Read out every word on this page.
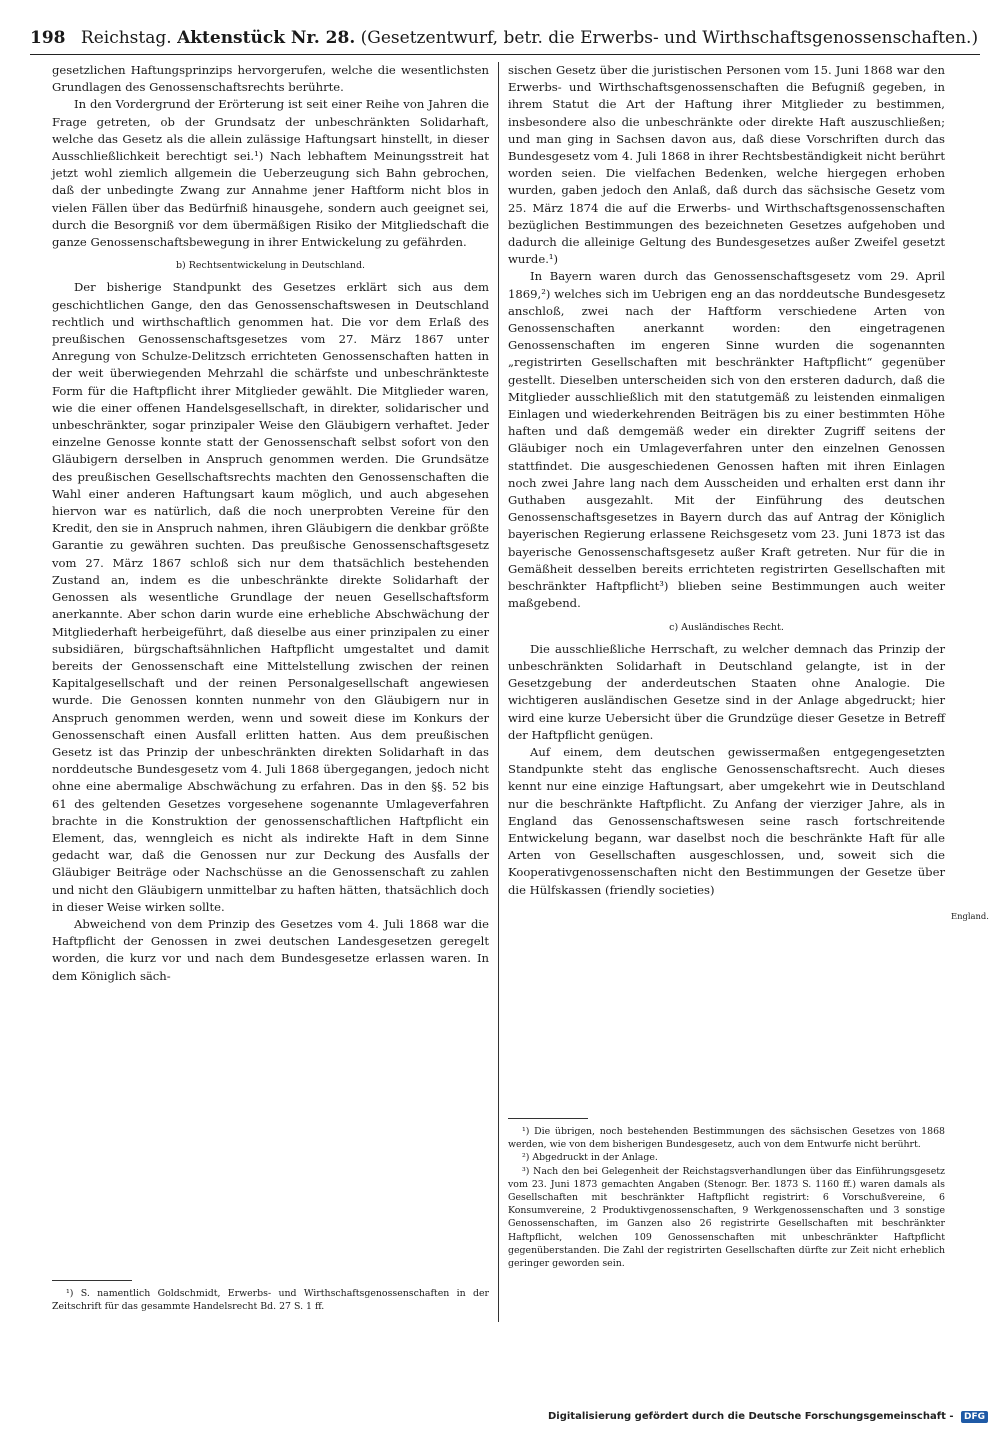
198 Reichstag. Aktenstück Nr. 28. (Gesetzentwurf, betr. die Erwerbs- und Wirthschaftsgenossenschaften.)

gesetzlichen Haftungsprinzips hervorgerufen, welche die wesentlichsten Grundlagen des Genossenschaftsrechts berührte.

In den Vordergrund der Erörterung ist seit einer Reihe von Jahren die Frage getreten, ob der Grundsatz der unbeschränkten Solidarhaft, welche das Gesetz als die allein zulässige Haftungsart hinstellt, in dieser Ausschließlichkeit berechtigt sei.¹) Nach lebhaftem Meinungsstreit hat jetzt wohl ziemlich allgemein die Ueberzeugung sich Bahn gebrochen, daß der unbedingte Zwang zur Annahme jener Haftform nicht blos in vielen Fällen über das Bedürfniß hinausgehe, sondern auch geeignet sei, durch die Besorgniß vor dem übermäßigen Risiko der Mitgliedschaft die ganze Genossenschaftsbewegung in ihrer Entwickelung zu gefährden.

b) Rechtsentwickelung in Deutschland.

Der bisherige Standpunkt des Gesetzes erklärt sich aus dem geschichtlichen Gange, den das Genossenschaftswesen in Deutschland rechtlich und wirthschaftlich genommen hat. Die vor dem Erlaß des preußischen Genossenschaftsgesetzes vom 27. März 1867 unter Anregung von Schulze-Delitzsch errichteten Genossenschaften hatten in der weit überwiegenden Mehrzahl die schärfste und unbeschränkteste Form für die Haftpflicht ihrer Mitglieder gewählt. Die Mitglieder waren, wie die einer offenen Handelsgesellschaft, in direkter, solidarischer und unbeschränkter, sogar prinzipaler Weise den Gläubigern verhaftet. Jeder einzelne Genosse konnte statt der Genossenschaft selbst sofort von den Gläubigern derselben in Anspruch genommen werden. Die Grundsätze des preußischen Gesellschaftsrechts machten den Genossenschaften die Wahl einer anderen Haftungsart kaum möglich, und auch abgesehen hiervon war es natürlich, daß die noch unerprobten Vereine für den Kredit, den sie in Anspruch nahmen, ihren Gläubigern die denkbar größte Garantie zu gewähren suchten. Das preußische Genossenschaftsgesetz vom 27. März 1867 schloß sich nur dem thatsächlich bestehenden Zustand an, indem es die unbeschränkte direkte Solidarhaft der Genossen als wesentliche Grundlage der neuen Gesellschaftsform anerkannte. Aber schon darin wurde eine erhebliche Abschwächung der Mitgliederhaft herbeigeführt, daß dieselbe aus einer prinzipalen zu einer subsidiären, bürgschaftsähnlichen Haftpflicht umgestaltet und damit bereits der Genossenschaft eine Mittelstellung zwischen der reinen Kapitalgesellschaft und der reinen Personalgesellschaft angewiesen wurde. Die Genossen konnten nunmehr von den Gläubigern nur in Anspruch genommen werden, wenn und soweit diese im Konkurs der Genossenschaft einen Ausfall erlitten hatten. Aus dem preußischen Gesetz ist das Prinzip der unbeschränkten direkten Solidarhaft in das norddeutsche Bundesgesetz vom 4. Juli 1868 übergegangen, jedoch nicht ohne eine abermalige Abschwächung zu erfahren. Das in den §§. 52 bis 61 des geltenden Gesetzes vorgesehene sogenannte Umlageverfahren brachte in die Konstruktion der genossenschaftlichen Haftpflicht ein Element, das, wenngleich es nicht als indirekte Haft in dem Sinne gedacht war, daß die Genossen nur zur Deckung des Ausfalls der Gläubiger Beiträge oder Nachschüsse an die Genossenschaft zu zahlen und nicht den Gläubigern unmittelbar zu haften hätten, thatsächlich doch in dieser Weise wirken sollte.

Abweichend von dem Prinzip des Gesetzes vom 4. Juli 1868 war die Haftpflicht der Genossen in zwei deutschen Landesgesetzen geregelt worden, die kurz vor und nach dem Bundesgesetze erlassen waren. In dem Königlich säch-

¹) S. namentlich Goldschmidt, Erwerbs- und Wirthschaftsgenossenschaften in der Zeitschrift für das gesammte Handelsrecht Bd. 27 S. 1 ff.

sischen Gesetz über die juristischen Personen vom 15. Juni 1868 war den Erwerbs- und Wirthschaftsgenossenschaften die Befugniß gegeben, in ihrem Statut die Art der Haftung ihrer Mitglieder zu bestimmen, insbesondere also die unbeschränkte oder direkte Haft auszuschließen; und man ging in Sachsen davon aus, daß diese Vorschriften durch das Bundesgesetz vom 4. Juli 1868 in ihrer Rechtsbeständigkeit nicht berührt worden seien. Die vielfachen Bedenken, welche hiergegen erhoben wurden, gaben jedoch den Anlaß, daß durch das sächsische Gesetz vom 25. März 1874 die auf die Erwerbs- und Wirthschaftsgenossenschaften bezüglichen Bestimmungen des bezeichneten Gesetzes aufgehoben und dadurch die alleinige Geltung des Bundesgesetzes außer Zweifel gesetzt wurde.¹)

In Bayern waren durch das Genossenschaftsgesetz vom 29. April 1869,²) welches sich im Uebrigen eng an das norddeutsche Bundesgesetz anschloß, zwei nach der Haftform verschiedene Arten von Genossenschaften anerkannt worden: den eingetragenen Genossenschaften im engeren Sinne wurden die sogenannten „registrirten Gesellschaften mit beschränkter Haftpflicht“ gegenüber gestellt. Dieselben unterscheiden sich von den ersteren dadurch, daß die Mitglieder ausschließlich mit den statutgemäß zu leistenden einmaligen Einlagen und wiederkehrenden Beiträgen bis zu einer bestimmten Höhe haften und daß demgemäß weder ein direkter Zugriff seitens der Gläubiger noch ein Umlageverfahren unter den einzelnen Genossen stattfindet. Die ausgeschiedenen Genossen haften mit ihren Einlagen noch zwei Jahre lang nach dem Ausscheiden und erhalten erst dann ihr Guthaben ausgezahlt. Mit der Einführung des deutschen Genossenschaftsgesetzes in Bayern durch das auf Antrag der Königlich bayerischen Regierung erlassene Reichsgesetz vom 23. Juni 1873 ist das bayerische Genossenschaftsgesetz außer Kraft getreten. Nur für die in Gemäßheit desselben bereits errichteten registrirten Gesellschaften mit beschränkter Haftpflicht³) blieben seine Bestimmungen auch weiter maßgebend.

c) Ausländisches Recht.

Die ausschließliche Herrschaft, zu welcher demnach das Prinzip der unbeschränkten Solidarhaft in Deutschland gelangte, ist in der Gesetzgebung der anderdeutschen Staaten ohne Analogie. Die wichtigeren ausländischen Gesetze sind in der Anlage abgedruckt; hier wird eine kurze Uebersicht über die Grundzüge dieser Gesetze in Betreff der Haftpflicht genügen.

Auf einem, dem deutschen gewissermaßen entgegengesetzten Standpunkte steht das englische Genossenschaftsrecht. Auch dieses kennt nur eine einzige Haftungsart, aber umgekehrt wie in Deutschland nur die beschränkte Haftpflicht. Zu Anfang der vierziger Jahre, als in England das Genossenschaftswesen seine rasch fortschreitende Entwickelung begann, war daselbst noch die beschränkte Haft für alle Arten von Gesellschaften ausgeschlossen, und, soweit sich die Kooperativgenossenschaften nicht den Bestimmungen der Gesetze über die Hülfskassen (friendly societies)

¹) Die übrigen, noch bestehenden Bestimmungen des sächsischen Gesetzes von 1868 werden, wie von dem bisherigen Bundesgesetz, auch von dem Entwurfe nicht berührt.

²) Abgedruckt in der Anlage.

³) Nach den bei Gelegenheit der Reichstagsverhandlungen über das Einführungsgesetz vom 23. Juni 1873 gemachten Angaben (Stenogr. Ber. 1873 S. 1160 ff.) waren damals als Gesellschaften mit beschränkter Haftpflicht registrirt: 6 Vorschußvereine, 6 Konsumvereine, 2 Produktivgenossenschaften, 9 Werkgenossenschaften und 3 sonstige Genossenschaften, im Ganzen also 26 registrirte Gesellschaften mit beschränkter Haftpflicht, welchen 109 Genossenschaften mit unbeschränkter Haftpflicht gegenüberstanden. Die Zahl der registrirten Gesellschaften dürfte zur Zeit nicht erheblich geringer geworden sein.

England.
Digitalisierung gefördert durch die Deutsche Forschungsgemeinschaft - DFG
